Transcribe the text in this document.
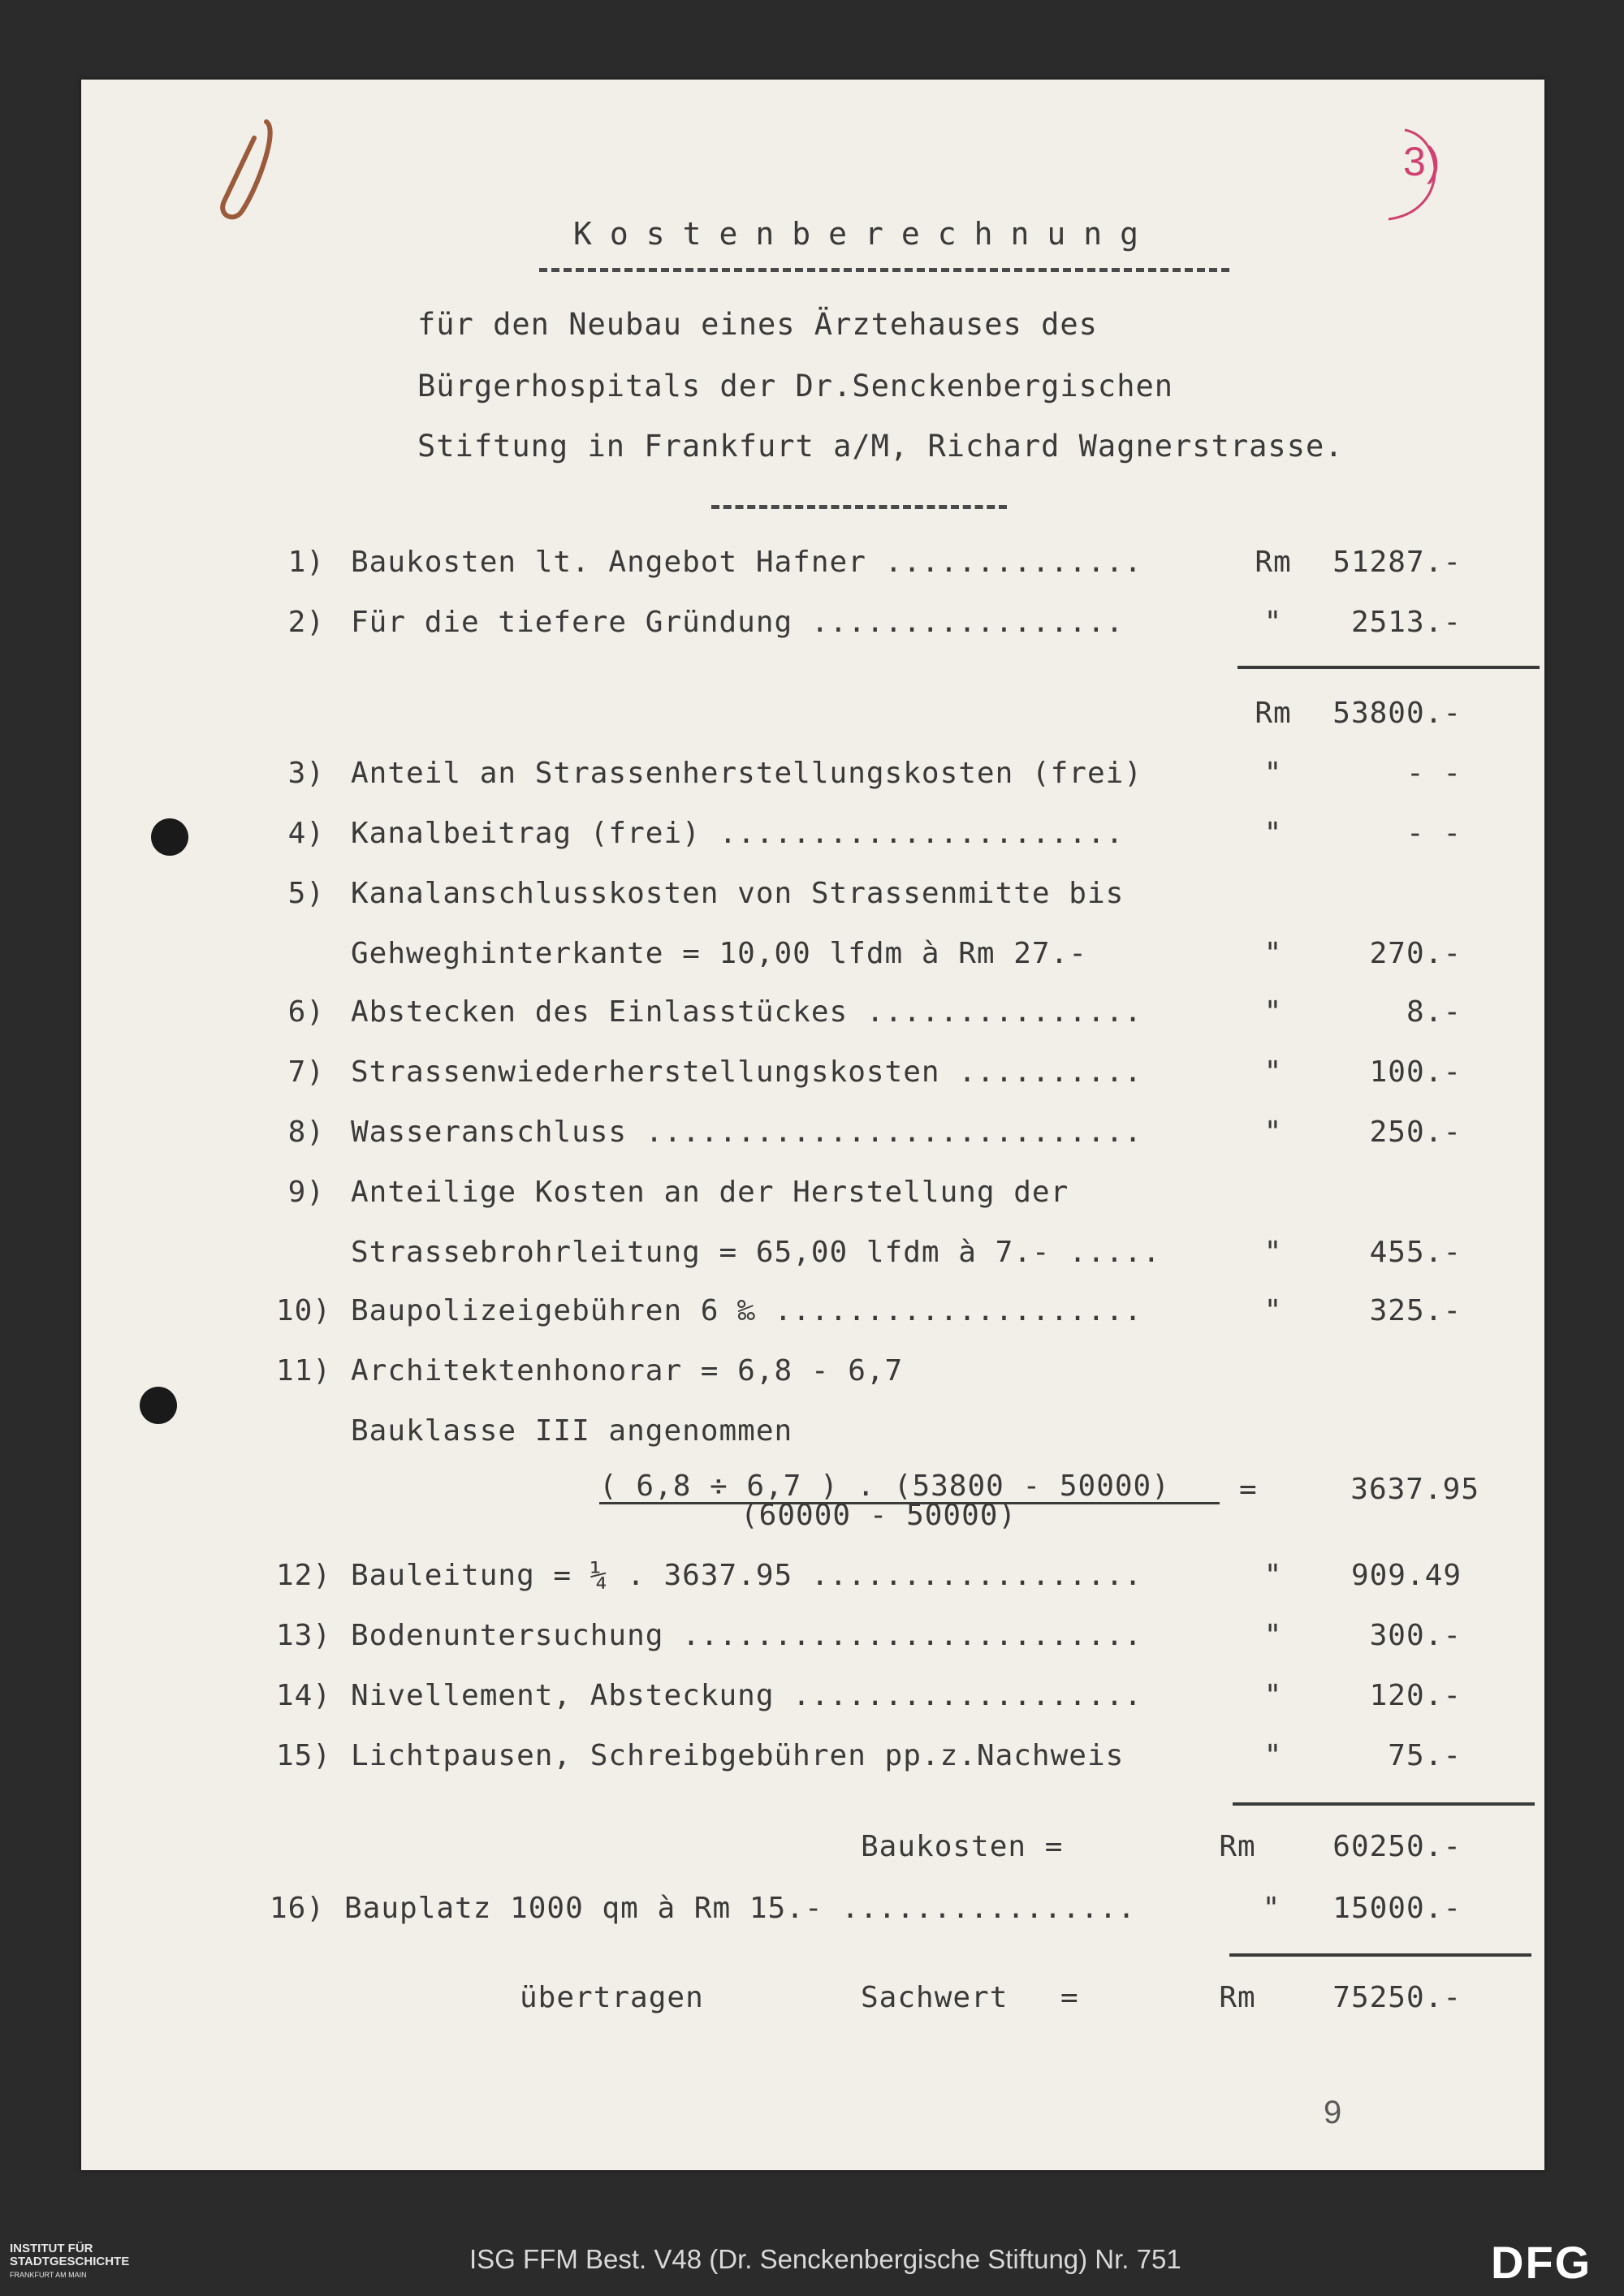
3)
Kostenberechnung
für den Neubau eines Ärztehauses des
Bürgerhospitals der Dr.Senckenbergischen
Stiftung in Frankfurt a/M, Richard Wagnerstrasse.
1) Baukosten lt. Angebot Hafner ..............	Rm	51287.-
2) Für die tiefere Gründung .................	"	2513.-
Rm	53800.-
3) Anteil an Strassenherstellungskosten (frei)	"	- -
4) Kanalbeitrag (frei) ......................	"	- -
5) Kanalanschlusskosten von Strassenmitte bis
Gehweghinterkante = 10,00 lfdm à Rm 27.-	"	270.-
6) Abstecken des Einlasstückes ...............	"	8.-
7) Strassenwiederherstellungskosten ..........	"	100.-
8) Wasseranschluss ...........................	"	250.-
9) Anteilige Kosten an der Herstellung der
Strassebrohrleitung = 65,00 lfdm à 7.- .....	"	455.-
10) Baupolizeigebühren 6 ‰ ....................	"	325.-
11) Architektenhonorar = 6,8 - 6,7
Bauklasse III angenommen
( 6,8 ÷ 6,7 ) . (53800 - 50000)
(60000 - 50000)
=	3637.95
12) Bauleitung = ¼ . 3637.95 ..................	"	909.49
13) Bodenuntersuchung .........................	"	300.-
14) Nivellement, Absteckung ...................	"	120.-
15) Lichtpausen, Schreibgebühren pp.z.Nachweis	"	75.-
Baukosten =	Rm	60250.-
16) Bauplatz 1000 qm à Rm 15.- ................	"	15000.-
übertragen	Sachwert =	Rm	75250.-
9
INSTITUT FÜR
STADTGESCHICHTE
FRANKFURT AM MAIN
ISG FFM Best. V48 (Dr. Senckenbergische Stiftung) Nr. 751	DFG
